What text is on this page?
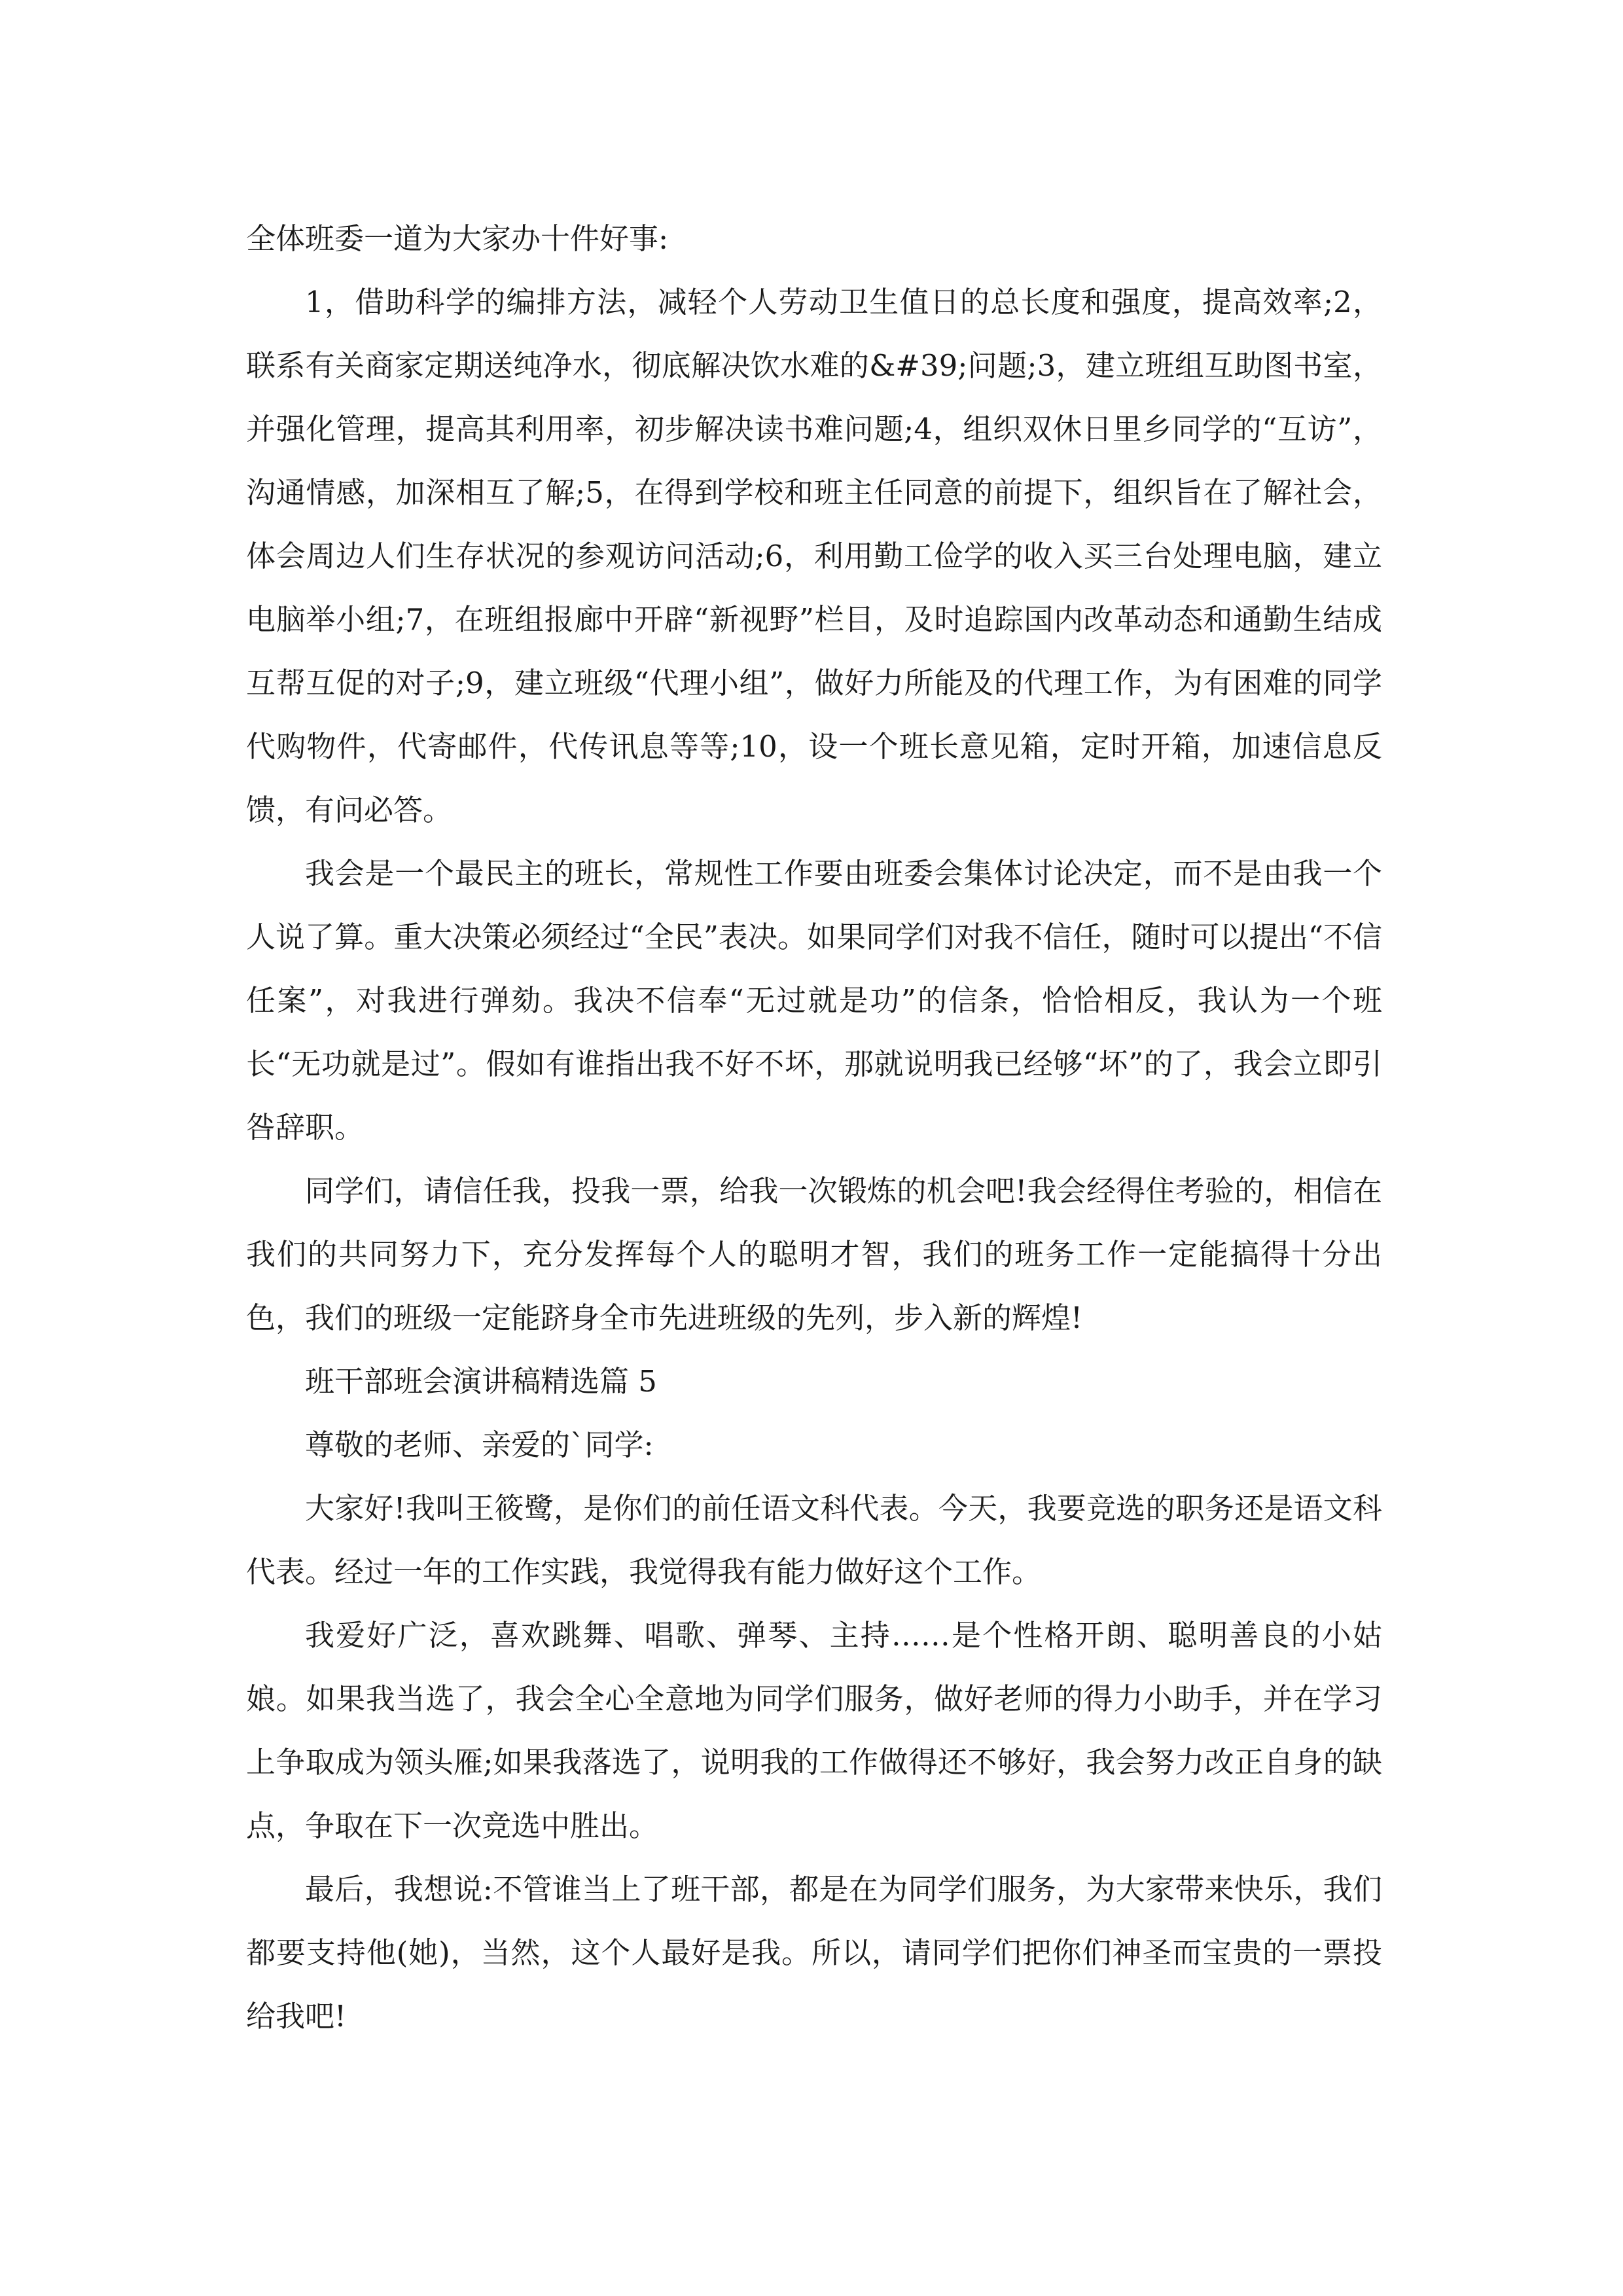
全体班委一道为大家办十件好事:

1，借助科学的编排方法，减轻个人劳动卫生值日的总长度和强度，提高效率;2，联系有关商家定期送纯净水，彻底解决饮水难的&#39;问题;3，建立班组互助图书室，并强化管理，提高其利用率，初步解决读书难问题;4，组织双休日里乡同学的“互访”，沟通情感，加深相互了解;5，在得到学校和班主任同意的前提下，组织旨在了解社会，体会周边人们生存状况的参观访问活动;6，利用勤工俭学的收入买三台处理电脑，建立电脑举小组;7，在班组报廊中开辟“新视野”栏目，及时追踪国内改革动态和通勤生结成互帮互促的对子;9，建立班级“代理小组”，做好力所能及的代理工作，为有困难的同学代购物件，代寄邮件，代传讯息等等;10，设一个班长意见箱，定时开箱，加速信息反馈，有问必答。

我会是一个最民主的班长，常规性工作要由班委会集体讨论决定，而不是由我一个人说了算。重大决策必须经过“全民”表决。如果同学们对我不信任，随时可以提出“不信任案”，对我进行弹劾。我决不信奉“无过就是功”的信条，恰恰相反，我认为一个班长“无功就是过”。假如有谁指出我不好不坏，那就说明我已经够“坏”的了，我会立即引咎辞职。

同学们，请信任我，投我一票，给我一次锻炼的机会吧!我会经得住考验的，相信在我们的共同努力下，充分发挥每个人的聪明才智，我们的班务工作一定能搞得十分出色，我们的班级一定能跻身全市先进班级的先列，步入新的辉煌!

班干部班会演讲稿精选篇 5

尊敬的老师、亲爱的`同学:

大家好!我叫王筱鹭，是你们的前任语文科代表。今天，我要竞选的职务还是语文科代表。经过一年的工作实践，我觉得我有能力做好这个工作。

我爱好广泛，喜欢跳舞、唱歌、弹琴、主持……是个性格开朗、聪明善良的小姑娘。如果我当选了，我会全心全意地为同学们服务，做好老师的得力小助手，并在学习上争取成为领头雁;如果我落选了，说明我的工作做得还不够好，我会努力改正自身的缺点，争取在下一次竞选中胜出。

最后，我想说:不管谁当上了班干部，都是在为同学们服务，为大家带来快乐，我们都要支持他(她)，当然，这个人最好是我。所以，请同学们把你们神圣而宝贵的一票投给我吧!
